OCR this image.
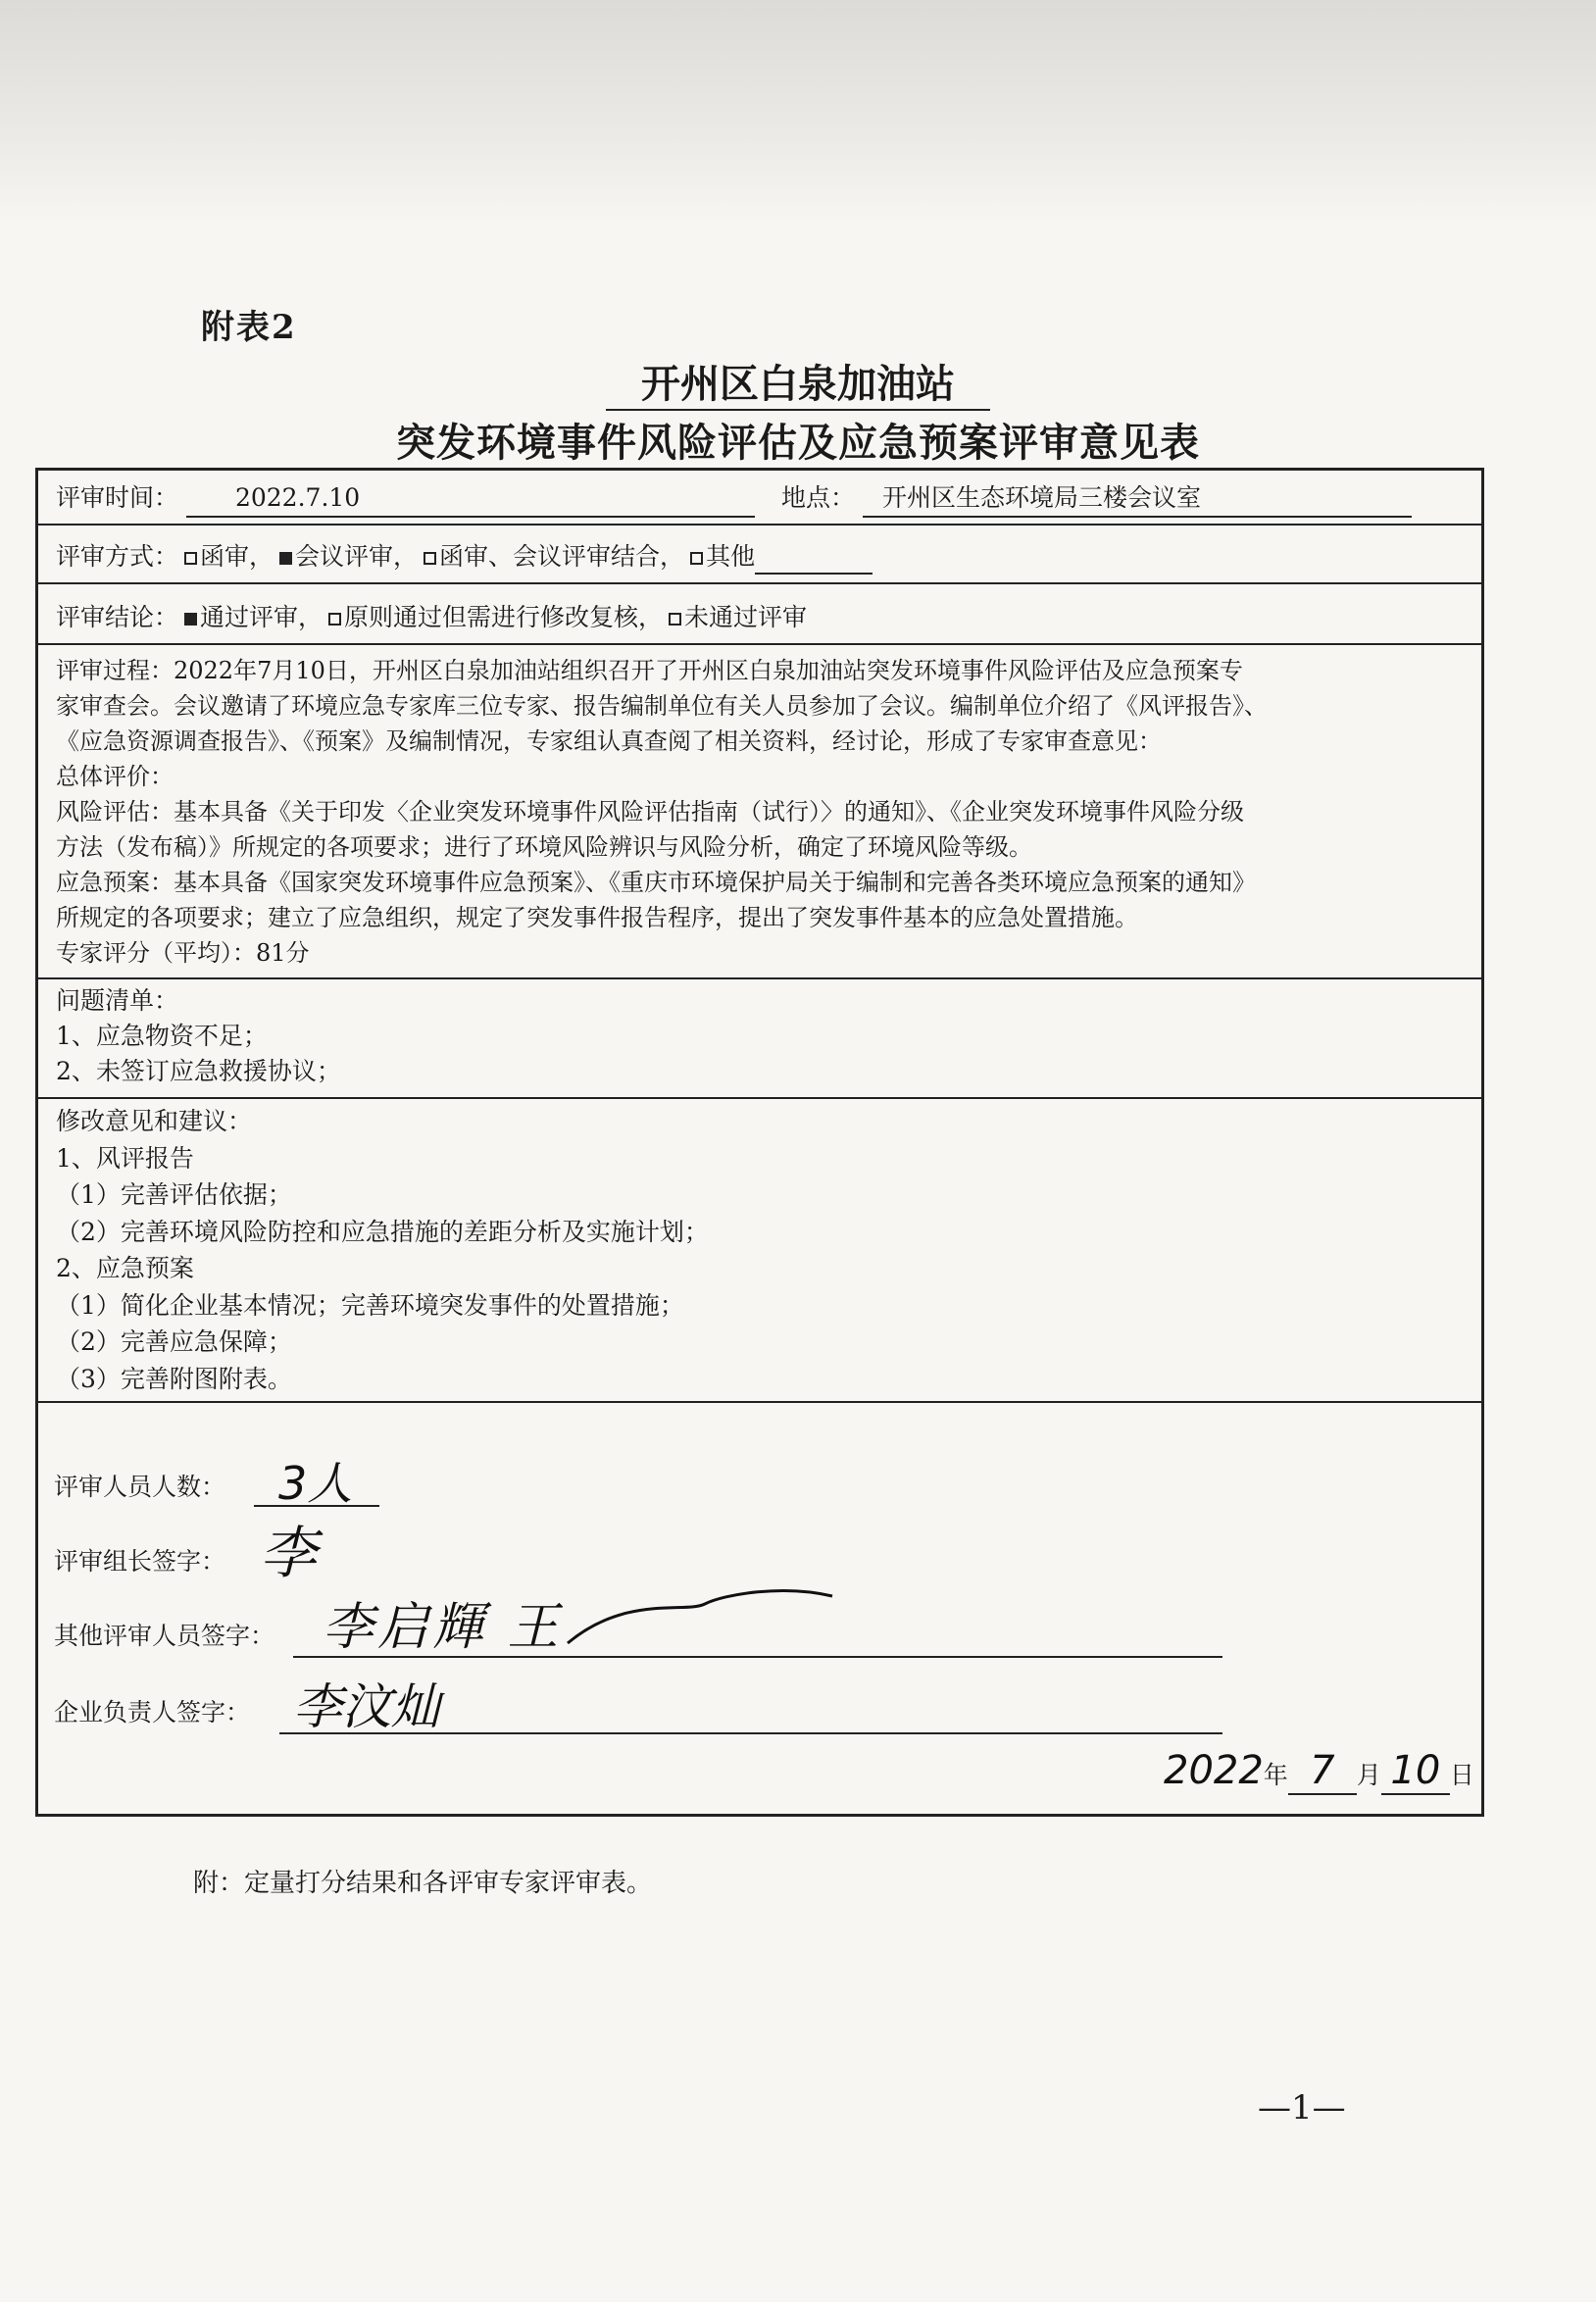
附表2
开州区白泉加油站
突发环境事件风险评估及应急预案评审意见表
评审时间： 2022.7.10	地点： 开州区生态环境局三楼会议室
评审方式： 函审， 会议评审， 函审、会议评审结合， 其他
评审结论： 通过评审， 原则通过但需进行修改复核， 未通过评审
评审过程：2022年7月10日，开州区白泉加油站组织召开了开州区白泉加油站突发环境事件风险评估及应急预案专
家审查会。会议邀请了环境应急专家库三位专家、报告编制单位有关人员参加了会议。编制单位介绍了《风评报告》、
《应急资源调查报告》、《预案》及编制情况，专家组认真查阅了相关资料，经讨论，形成了专家审查意见：
总体评价：
风险评估：基本具备《关于印发〈企业突发环境事件风险评估指南（试行）〉的通知》、《企业突发环境事件风险分级
方法（发布稿）》所规定的各项要求；进行了环境风险辨识与风险分析，确定了环境风险等级。
应急预案：基本具备《国家突发环境事件应急预案》、《重庆市环境保护局关于编制和完善各类环境应急预案的通知》
所规定的各项要求；建立了应急组织，规定了突发事件报告程序，提出了突发事件基本的应急处置措施。
专家评分（平均）：81分
问题清单：
1、应急物资不足；
2、未签订应急救援协议；
修改意见和建议：
1、风评报告
（1）完善评估依据；
（2）完善环境风险防控和应急措施的差距分析及实施计划；
2、应急预案
（1）简化企业基本情况；完善环境突发事件的处置措施；
（2）完善应急保障；
（3）完善附图附表。
评审人员人数： 3人
评审组长签字： 李
其他评审人员签字： 李启輝 王
企业负责人签字： 李汶灿
2022年 7 月 10 日
附：定量打分结果和各评审专家评审表。
—1—
